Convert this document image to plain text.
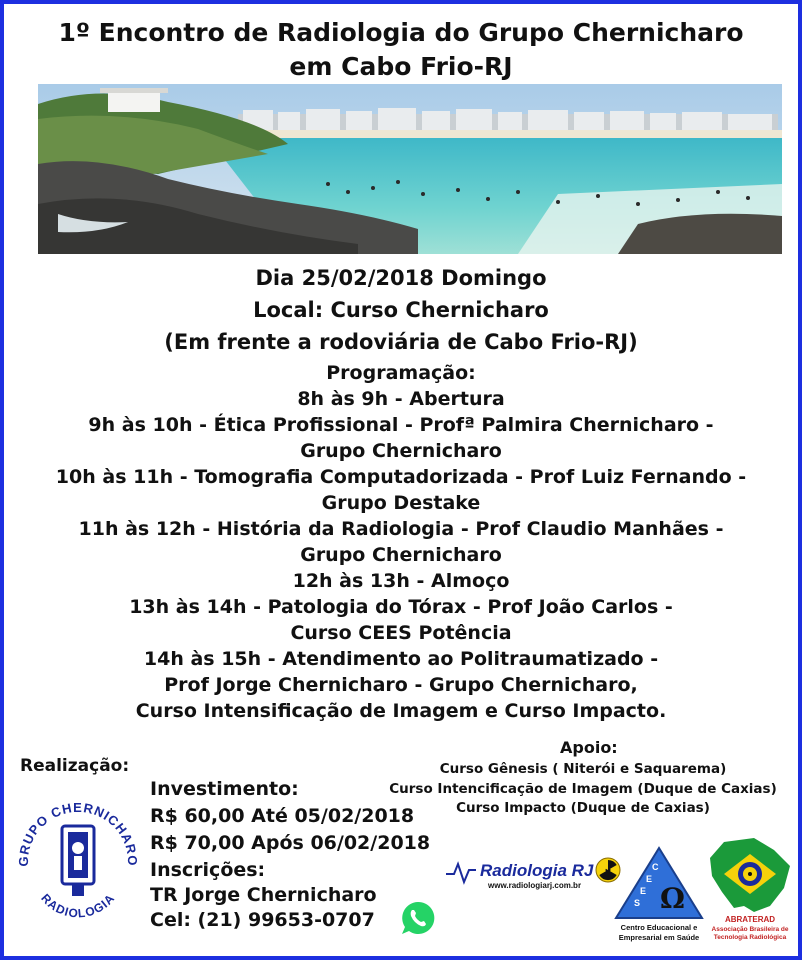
1º Encontro de Radiologia do Grupo Chernicharo
em Cabo Frio-RJ
Dia 25/02/2018 Domingo
Local: Curso Chernicharo
(Em frente a rodoviária de Cabo Frio-RJ)
Programação:
8h às 9h - Abertura
9h às 10h - Ética Profissional - Profª Palmira Chernicharo -
Grupo Chernicharo
10h às 11h - Tomografia Computadorizada - Prof Luiz Fernando -
Grupo Destake
11h às 12h - História da Radiologia - Prof Claudio Manhães -
Grupo Chernicharo
12h às 13h - Almoço
13h às 14h - Patologia do Tórax - Prof João Carlos -
Curso CEES Potência
14h às 15h - Atendimento ao Politraumatizado -
Prof Jorge Chernicharo - Grupo Chernicharo,
Curso Intensificação de Imagem e Curso Impacto.
Realização:
GRUPO CHERNICHARO
RADIOLOGIA
Investimento:
R$ 60,00 Até 05/02/2018
R$ 70,00 Após 06/02/2018
Inscrições:
TR Jorge Chernicharo
Cel: (21) 99653-0707
Apoio:
Curso Gênesis ( Niterói e Saquarema)
Curso Intencificação de Imagem (Duque de Caxias)
Curso Impacto (Duque de Caxias)
Radiologia RJ
www.radiologiarj.com.br
C
E
E
S Ω
Centro Educacional e
Empresarial em Saúde
ABRATERAD
Associação Brasileira de
Tecnologia Radiológica
